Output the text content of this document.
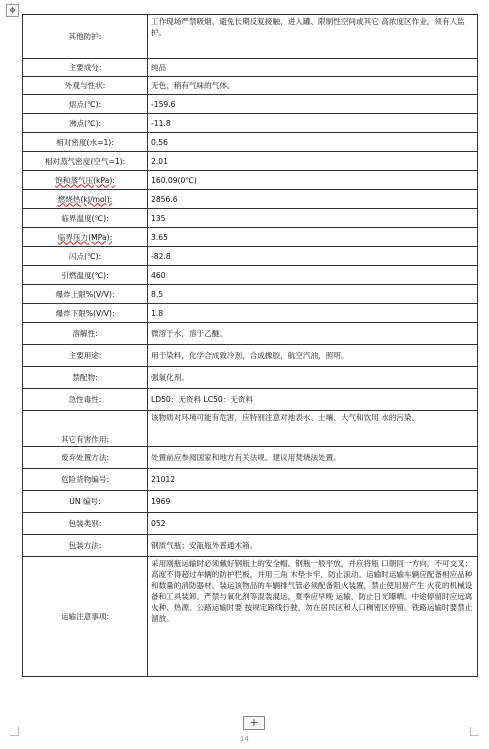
✥
其他防护:	工作现场严禁吸烟，避免长期反复接触，进入罐、限制性空间或其它 高浓度区作业，须有人监护。
主要成分:	纯品
外观与性状:	无色、稍有气味的气体。
熔点(℃):	-159.6
沸点(℃):	-11.8
相对密度(水=1):	0.56
相对蒸气密度(空气=1):	2.01
饱和蒸气压(kPa):	160.09(0℃)
燃烧热(kJ/mol):	2856.6
临界温度(℃):	135
临界压力(MPa):	3.65
闪点(℃):	-82.8
引燃温度(℃):	460
爆炸上限%(V/V):	8.5
爆炸下限%(V/V):	1.8
溶解性:	微溶于水，溶于乙醚。
主要用途:	用于染料，化学合成致冷剂，合成橡胶，航空汽油，照明。
禁配物:	强氧化剂。
急性毒性:	LD50：无资料 LC50：无资料
其它有害作用:	该物质对环境可能有危害，应特别注意对地表水、土壤、大气和饮用 水的污染。
废弃处置方法:	处置前应参阅国家和地方有关法规。建议用焚烧法处置。
危险货物编号:	21012
UN 编号:	1969
包装类别:	052
包装方法:	钢质气瓶；安瓿瓶外普通木箱。
运输注意事项:	采用刚瓶运输时必须戴好钢瓶上的安全帽。钢瓶一般平放，并应将瓶 口朝同一方向，不可交叉；高度不得超过车辆的防护栏板，并用三角 木垫卡牢，防止滚动。运输时运输车辆应配备相应品种和数量的消防器材。装运该物品的车辆排气管必须配备阻火装置，禁止使用易产生 火花的机械设备和工具装卸。严禁与氧化剂等混装混运。夏季应早晚 运输，防止日光曝晒。中途停留时应远离火种、热源。公路运输时要 按规定路线行驶，勿在居民区和人口稠密区停留。铁路运输时要禁止溜放。
+
14
